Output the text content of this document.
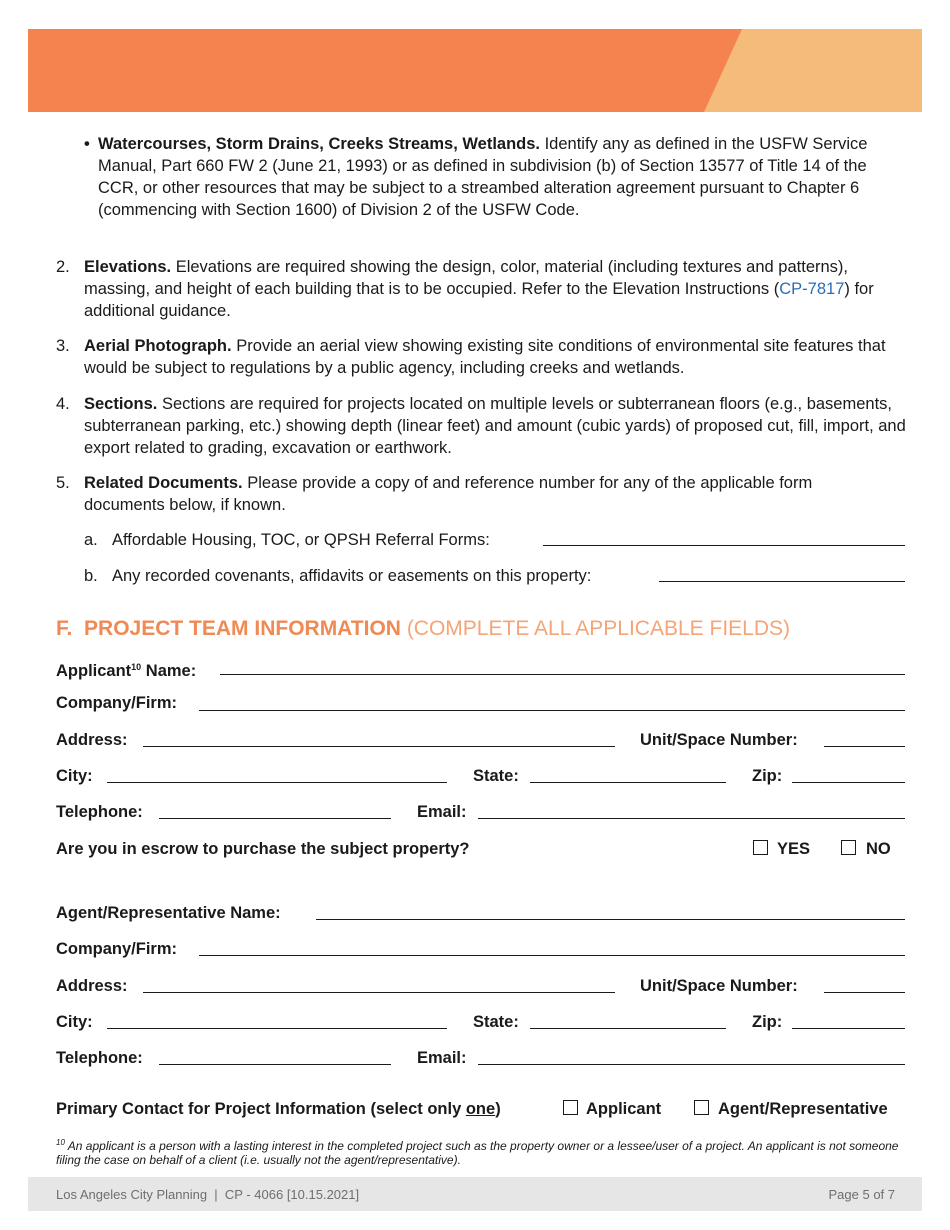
• Watercourses, Storm Drains, Creeks Streams, Wetlands. Identify any as defined in the USFW Service Manual, Part 660 FW 2 (June 21, 1993) or as defined in subdivision (b) of Section 13577 of Title 14 of the CCR, or other resources that may be subject to a streambed alteration agreement pursuant to Chapter 6 (commencing with Section 1600) of Division 2 of the USFW Code.
2. Elevations. Elevations are required showing the design, color, material (including textures and patterns), massing, and height of each building that is to be occupied. Refer to the Elevation Instructions (CP-7817) for additional guidance.
3. Aerial Photograph. Provide an aerial view showing existing site conditions of environmental site features that would be subject to regulations by a public agency, including creeks and wetlands.
4. Sections. Sections are required for projects located on multiple levels or subterranean floors (e.g., basements, subterranean parking, etc.) showing depth (linear feet) and amount (cubic yards) of proposed cut, fill, import, and export related to grading, excavation or earthwork.
5. Related Documents. Please provide a copy of and reference number for any of the applicable form documents below, if known.
a. Affordable Housing, TOC, or QPSH Referral Forms:
b. Any recorded covenants, affidavits or easements on this property:
F. PROJECT TEAM INFORMATION (COMPLETE ALL APPLICABLE FIELDS)
Applicant$^{10}$ Name:
Company/Firm:
Address:	Unit/Space Number:
City:	State:	Zip:
Telephone:	Email:
Are you in escrow to purchase the subject property?	YES	NO
Agent/Representative Name:
Company/Firm:
Address:	Unit/Space Number:
City:	State:	Zip:
Telephone:	Email:
Primary Contact for Project Information (select only one)	Applicant	Agent/Representative
$^{10}$ An applicant is a person with a lasting interest in the completed project such as the property owner or a lessee/user of a project. An applicant is not someone filing the case on behalf of a client (i.e. usually not the agent/representative).
Los Angeles City Planning | CP - 4066 [10.15.2021]	Page 5 of 7
